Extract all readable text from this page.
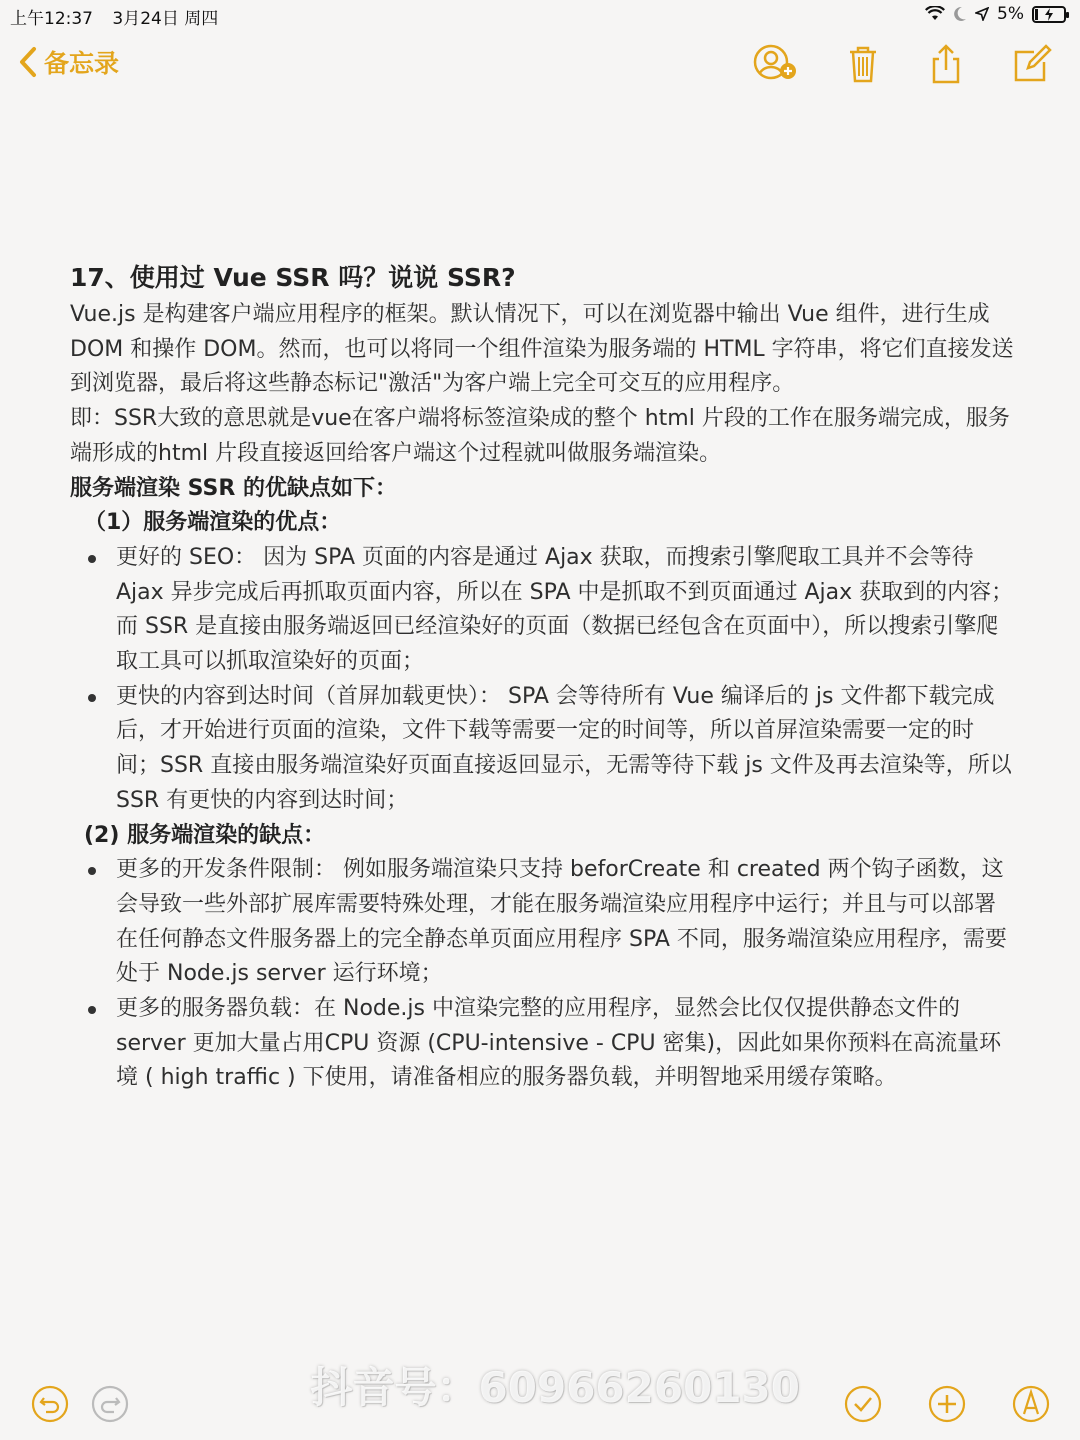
上午12:37 3月24日 周四	5%
备忘录

17、使用过 Vue SSR 吗？说说 SSR?

Vue.js 是构建客户端应用程序的框架。默认情况下，可以在浏览器中输出 Vue 组件，进行生成 DOM 和操作 DOM。然而，也可以将同一个组件渲染为服务端的 HTML 字符串，将它们直接发送到浏览器，最后将这些静态标记"激活"为客户端上完全可交互的应用程序。

即：SSR大致的意思就是vue在客户端将标签渲染成的整个 html 片段的工作在服务端完成，服务端形成的html 片段直接返回给客户端这个过程就叫做服务端渲染。

服务端渲染 SSR 的优缺点如下：

（1）服务端渲染的优点：

更好的 SEO： 因为 SPA 页面的内容是通过 Ajax 获取，而搜索引擎爬取工具并不会等待 Ajax 异步完成后再抓取页面内容，所以在 SPA 中是抓取不到页面通过 Ajax 获取到的内容；而 SSR 是直接由服务端返回已经渲染好的页面（数据已经包含在页面中），所以搜索引擎爬取工具可以抓取渲染好的页面；
更快的内容到达时间（首屏加载更快）： SPA 会等待所有 Vue 编译后的 js 文件都下载完成后，才开始进行页面的渲染，文件下载等需要一定的时间等，所以首屏渲染需要一定的时间；SSR 直接由服务端渲染好页面直接返回显示，无需等待下载 js 文件及再去渲染等，所以 SSR 有更快的内容到达时间；

(2) 服务端渲染的缺点：

更多的开发条件限制： 例如服务端渲染只支持 beforCreate 和 created 两个钩子函数，这会导致一些外部扩展库需要特殊处理，才能在服务端渲染应用程序中运行；并且与可以部署在任何静态文件服务器上的完全静态单页面应用程序 SPA 不同，服务端渲染应用程序，需要处于 Node.js server 运行环境；
更多的服务器负载：在 Node.js 中渲染完整的应用程序，显然会比仅仅提供静态文件的 server 更加大量占用CPU 资源 (CPU-intensive - CPU 密集)，因此如果你预料在高流量环境 ( high traffic ) 下使用，请准备相应的服务器负载，并明智地采用缓存策略。
抖音号：60966260130
